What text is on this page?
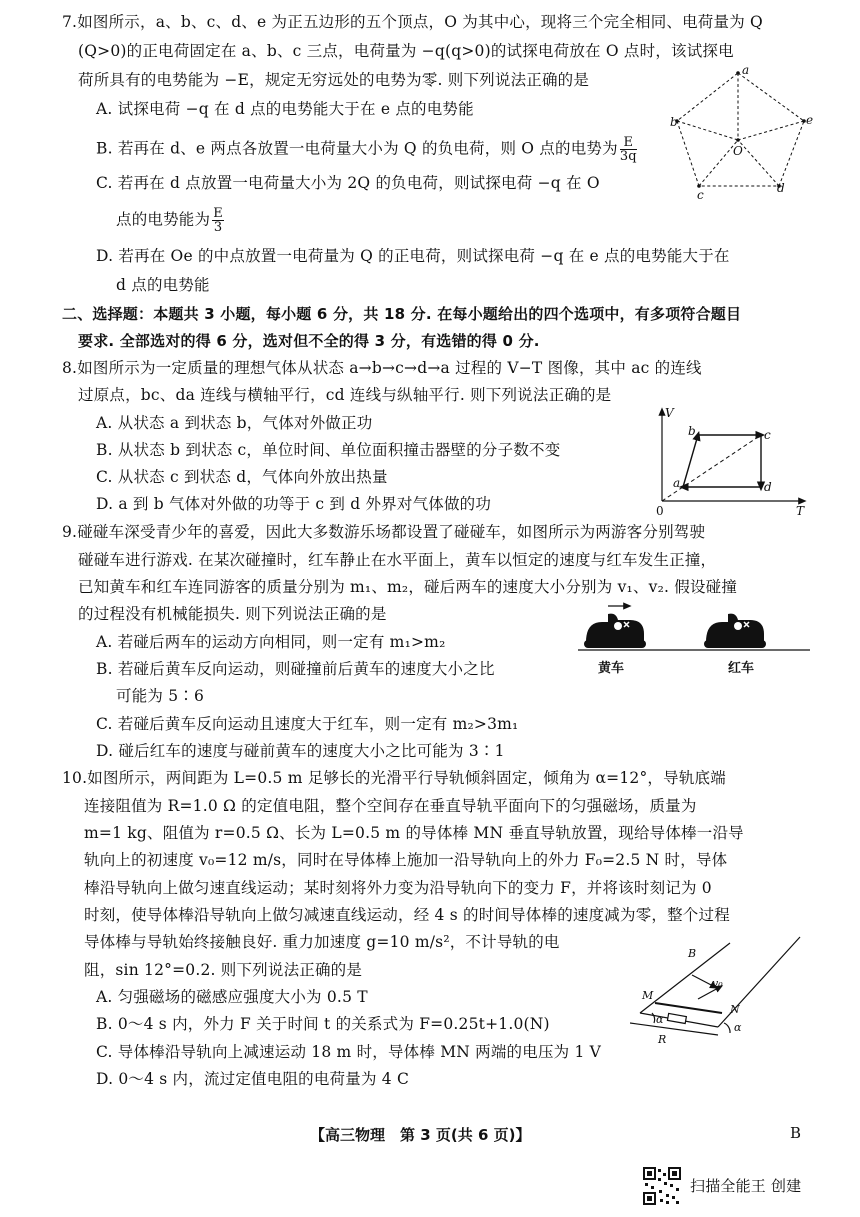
7.如图所示，a、b、c、d、e 为正五边形的五个顶点，O 为其中心，现将三个完全相同、电荷量为 Q
(Q>0)的正电荷固定在 a、b、c 三点，电荷量为 −q(q>0)的试探电荷放在 O 点时，该试探电
荷所具有的电势能为 −E，规定无穷远处的电势为零. 则下列说法正确的是
A. 试探电荷 −q 在 d 点的电势能大于在 e 点的电势能
B. 若再在 d、e 两点各放置一电荷量大小为 Q 的负电荷，则 O 点的电势为 $\frac{E}{3q}$
C. 若再在 d 点放置一电荷量大小为 2Q 的负电荷，则试探电荷 −q 在 O
点的电势能为 $\frac{E}{3}$
D. 若再在 Oe 的中点放置一电荷量为 Q 的正电荷，则试探电荷 −q 在 e 点的电势能大于在
d 点的电势能
a
b
c	d
e
O
二、选择题：本题共 3 小题，每小题 6 分，共 18 分. 在每小题给出的四个选项中，有多项符合题目
要求. 全部选对的得 6 分，选对但不全的得 3 分，有选错的得 0 分.
8.如图所示为一定质量的理想气体从状态 a→b→c→d→a 过程的 V−T 图像，其中 ac 的连线
过原点，bc、da 连线与横轴平行，cd 连线与纵轴平行. 则下列说法正确的是
A. 从状态 a 到状态 b，气体对外做正功
B. 从状态 b 到状态 c，单位时间、单位面积撞击器壁的分子数不变
C. 从状态 c 到状态 d，气体向外放出热量
D. a 到 b 气体对外做的功等于 c 到 d 外界对气体做的功
V
T
0
a
b	c
d
9.碰碰车深受青少年的喜爱，因此大多数游乐场都设置了碰碰车，如图所示为两游客分别驾驶
碰碰车进行游戏. 在某次碰撞时，红车静止在水平面上，黄车以恒定的速度与红车发生正撞，
已知黄车和红车连同游客的质量分别为 m₁、m₂，碰后两车的速度大小分别为 v₁、v₂. 假设碰撞
的过程没有机械能损失. 则下列说法正确的是
A. 若碰后两车的运动方向相同，则一定有 m₁>m₂
B. 若碰后黄车反向运动，则碰撞前后黄车的速度大小之比
可能为 5∶6
C. 若碰后黄车反向运动且速度大于红车，则一定有 m₂>3m₁
D. 碰后红车的速度与碰前黄车的速度大小之比可能为 3∶1
黄车	红车
10.如图所示，两间距为 L=0.5 m 足够长的光滑平行导轨倾斜固定，倾角为 α=12°，导轨底端
连接阻值为 R=1.0 Ω 的定值电阻，整个空间存在垂直导轨平面向下的匀强磁场，质量为
m=1 kg、阻值为 r=0.5 Ω、长为 L=0.5 m 的导体棒 MN 垂直导轨放置，现给导体棒一沿导
轨向上的初速度 v₀=12 m/s，同时在导体棒上施加一沿导轨向上的外力 F₀=2.5 N 时，导体
棒沿导轨向上做匀速直线运动；某时刻将外力变为沿导轨向下的变力 F，并将该时刻记为 0
时刻，使导体棒沿导轨向上做匀减速直线运动，经 4 s 的时间导体棒的速度减为零，整个过程
导体棒与导轨始终接触良好. 重力加速度 g=10 m/s²，不计导轨的电
阻，sin 12°=0.2. 则下列说法正确的是
A. 匀强磁场的磁感应强度大小为 0.5 T
B. 0～4 s 内，外力 F 关于时间 t 的关系式为 F=0.25t+1.0(N)
C. 导体棒沿导轨向上减速运动 18 m 时，导体棒 MN 两端的电压为 1 V
D. 0～4 s 内，流过定值电阻的电荷量为 4 C
B
v₀
M
N
R
α
α
【高三物理　第 3 页(共 6 页)】	B
扫描全能王 创建
